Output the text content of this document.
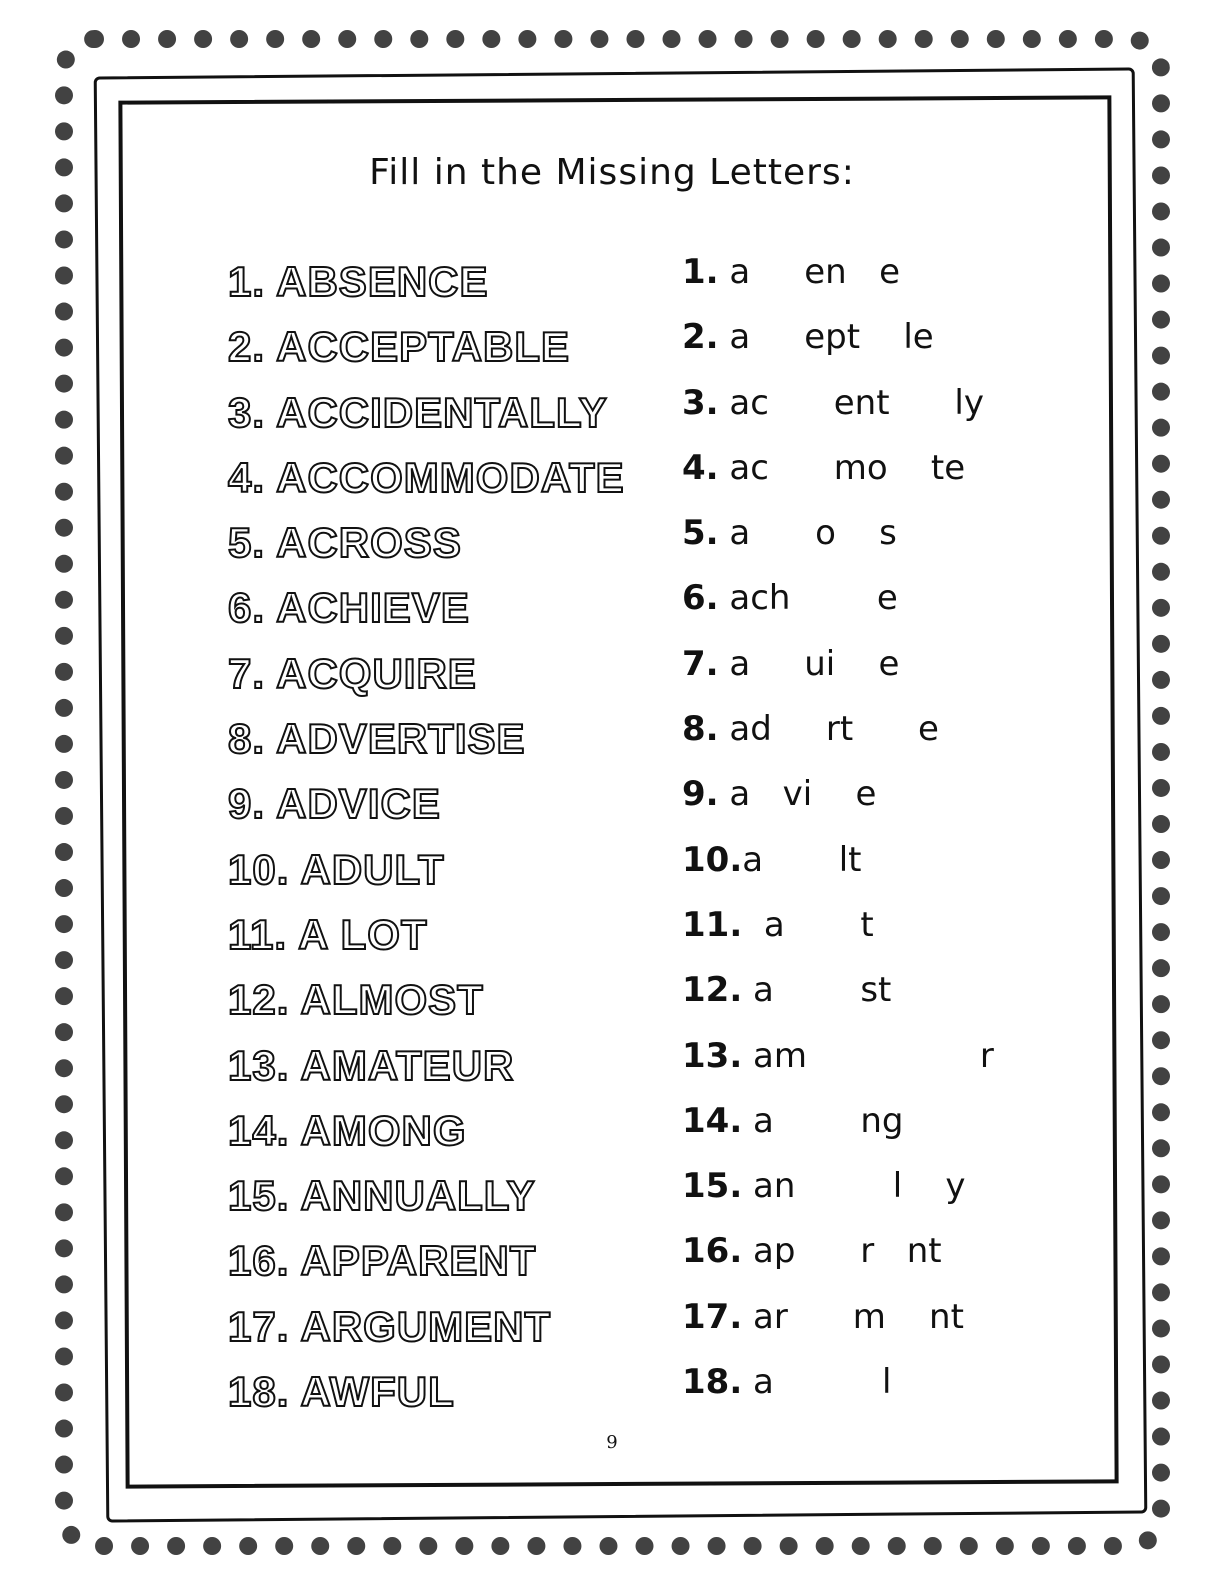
Fill in the Missing Letters:
1. ABSENCE
2. ACCEPTABLE
3. ACCIDENTALLY
4. ACCOMMODATE
5. ACROSS
6. ACHIEVE
7. ACQUIRE
8. ADVERTISE
9. ADVICE
10. ADULT
11. A LOT
12. ALMOST
13. AMATEUR
14. AMONG
15. ANNUALLY
16. APPARENT
17. ARGUMENT
18. AWFUL
1. a     en   e
2. a     ept    le
3. ac      ent      ly
4. ac      mo    te
5. a      o    s
6. ach        e
7. a     ui    e
8. ad     rt      e
9. a   vi    e
10.a       lt
11.  a       t
12. a        st
13. am                r
14. a        ng
15. an         l    y
16. ap      r   nt
17. ar      m    nt
18. a          l
9
